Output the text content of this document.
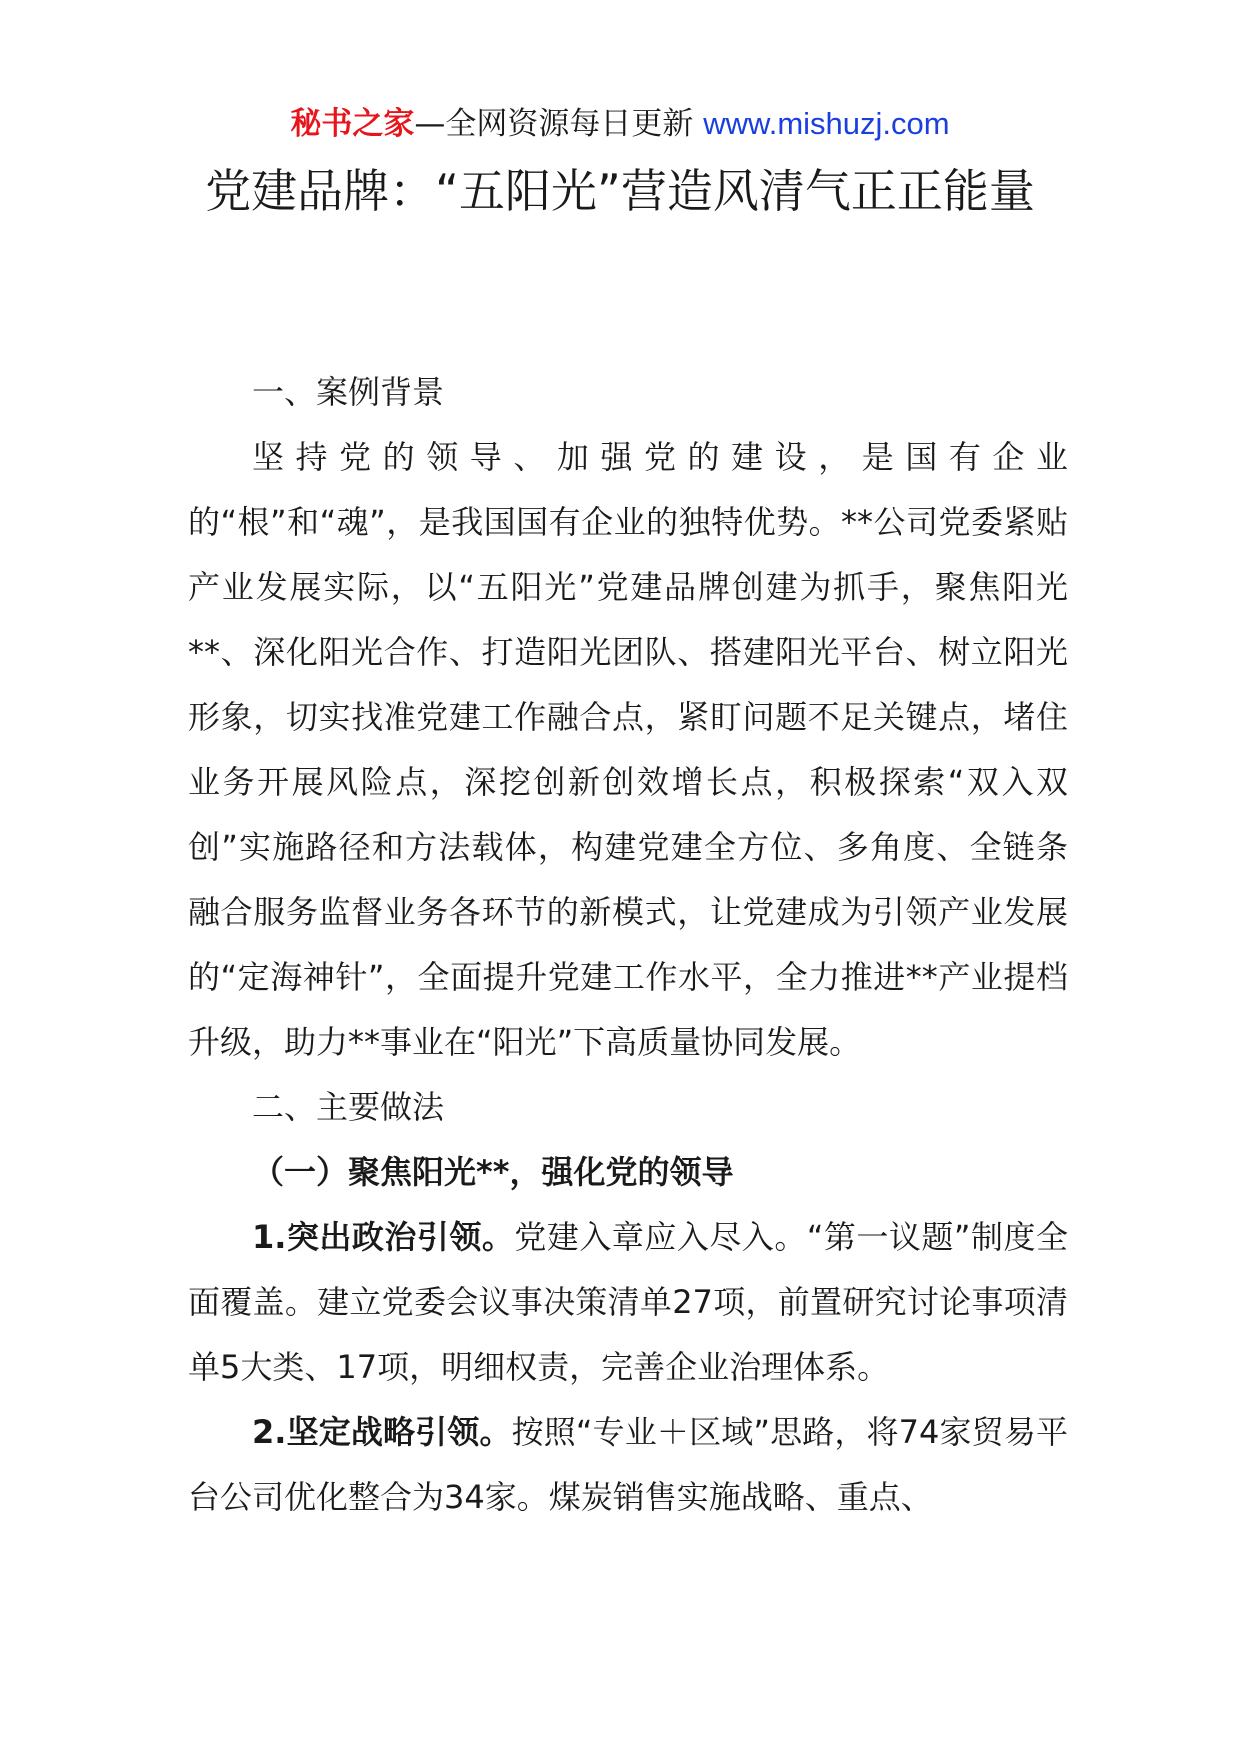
秘书之家—全网资源每日更新 www.mishuzj.com
党建品牌：“五阳光”营造风清气正正能量

一、案例背景

坚持党的领导、加强党的建设，是国有企业的“根”和“魂”，是我国国有企业的独特优势。**公司党委紧贴产业发展实际，以“五阳光”党建品牌创建为抓手，聚焦阳光**、深化阳光合作、打造阳光团队、搭建阳光平台、树立阳光形象，切实找准党建工作融合点，紧盯问题不足关键点，堵住业务开展风险点，深挖创新创效增长点，积极探索“双入双创”实施路径和方法载体，构建党建全方位、多角度、全链条融合服务监督业务各环节的新模式，让党建成为引领产业发展的“定海神针”，全面提升党建工作水平，全力推进**产业提档升级，助力**事业在“阳光”下高质量协同发展。

二、主要做法

（一）聚焦阳光**，强化党的领导

1.突出政治引领。党建入章应入尽入。“第一议题”制度全面覆盖。建立党委会议事决策清单27项，前置研究讨论事项清单5大类、17项，明细权责，完善企业治理体系。

2.坚定战略引领。按照“专业＋区域”思路，将74家贸易平台公司优化整合为34家。煤炭销售实施战略、重点、
